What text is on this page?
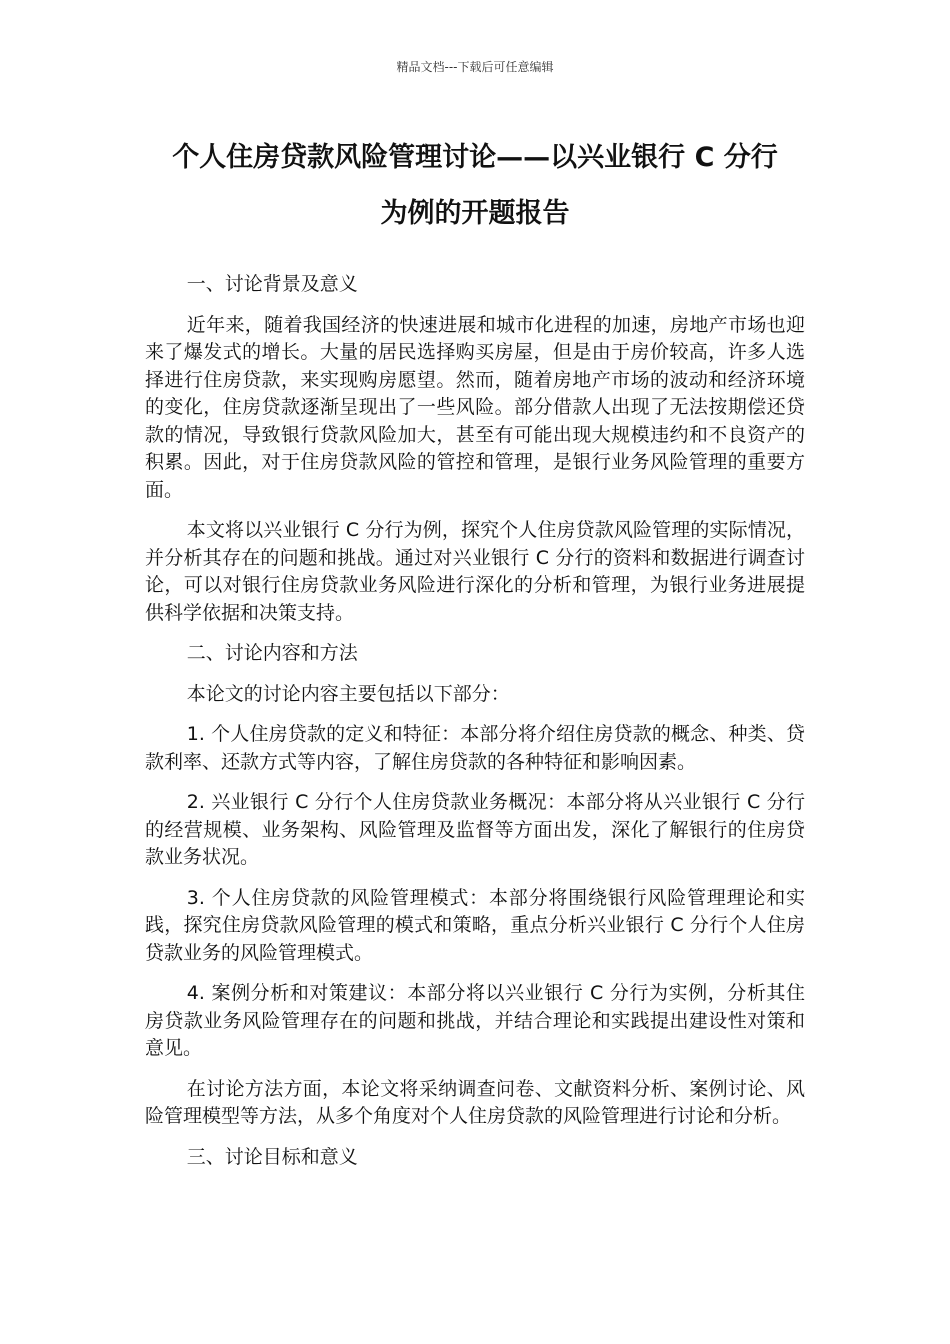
精品文档---下载后可任意编辑
个人住房贷款风险管理讨论——以兴业银行 C 分行
为例的开题报告

一、讨论背景及意义

近年来，随着我国经济的快速进展和城市化进程的加速，房地产市场也迎来了爆发式的增长。大量的居民选择购买房屋，但是由于房价较高，许多人选择进行住房贷款，来实现购房愿望。然而，随着房地产市场的波动和经济环境的变化，住房贷款逐渐呈现出了一些风险。部分借款人出现了无法按期偿还贷款的情况，导致银行贷款风险加大，甚至有可能出现大规模违约和不良资产的积累。因此，对于住房贷款风险的管控和管理，是银行业务风险管理的重要方面。

本文将以兴业银行 C 分行为例，探究个人住房贷款风险管理的实际情况，并分析其存在的问题和挑战。通过对兴业银行 C 分行的资料和数据进行调查讨论，可以对银行住房贷款业务风险进行深化的分析和管理，为银行业务进展提供科学依据和决策支持。

二、讨论内容和方法

本论文的讨论内容主要包括以下部分：

1. 个人住房贷款的定义和特征：本部分将介绍住房贷款的概念、种类、贷款利率、还款方式等内容，了解住房贷款的各种特征和影响因素。

2. 兴业银行 C 分行个人住房贷款业务概况：本部分将从兴业银行 C 分行的经营规模、业务架构、风险管理及监督等方面出发，深化了解银行的住房贷款业务状况。

3. 个人住房贷款的风险管理模式：本部分将围绕银行风险管理理论和实践，探究住房贷款风险管理的模式和策略，重点分析兴业银行 C 分行个人住房贷款业务的风险管理模式。

4. 案例分析和对策建议：本部分将以兴业银行 C 分行为实例，分析其住房贷款业务风险管理存在的问题和挑战，并结合理论和实践提出建设性对策和意见。

在讨论方法方面，本论文将采纳调查问卷、文献资料分析、案例讨论、风险管理模型等方法，从多个角度对个人住房贷款的风险管理进行讨论和分析。

三、讨论目标和意义
